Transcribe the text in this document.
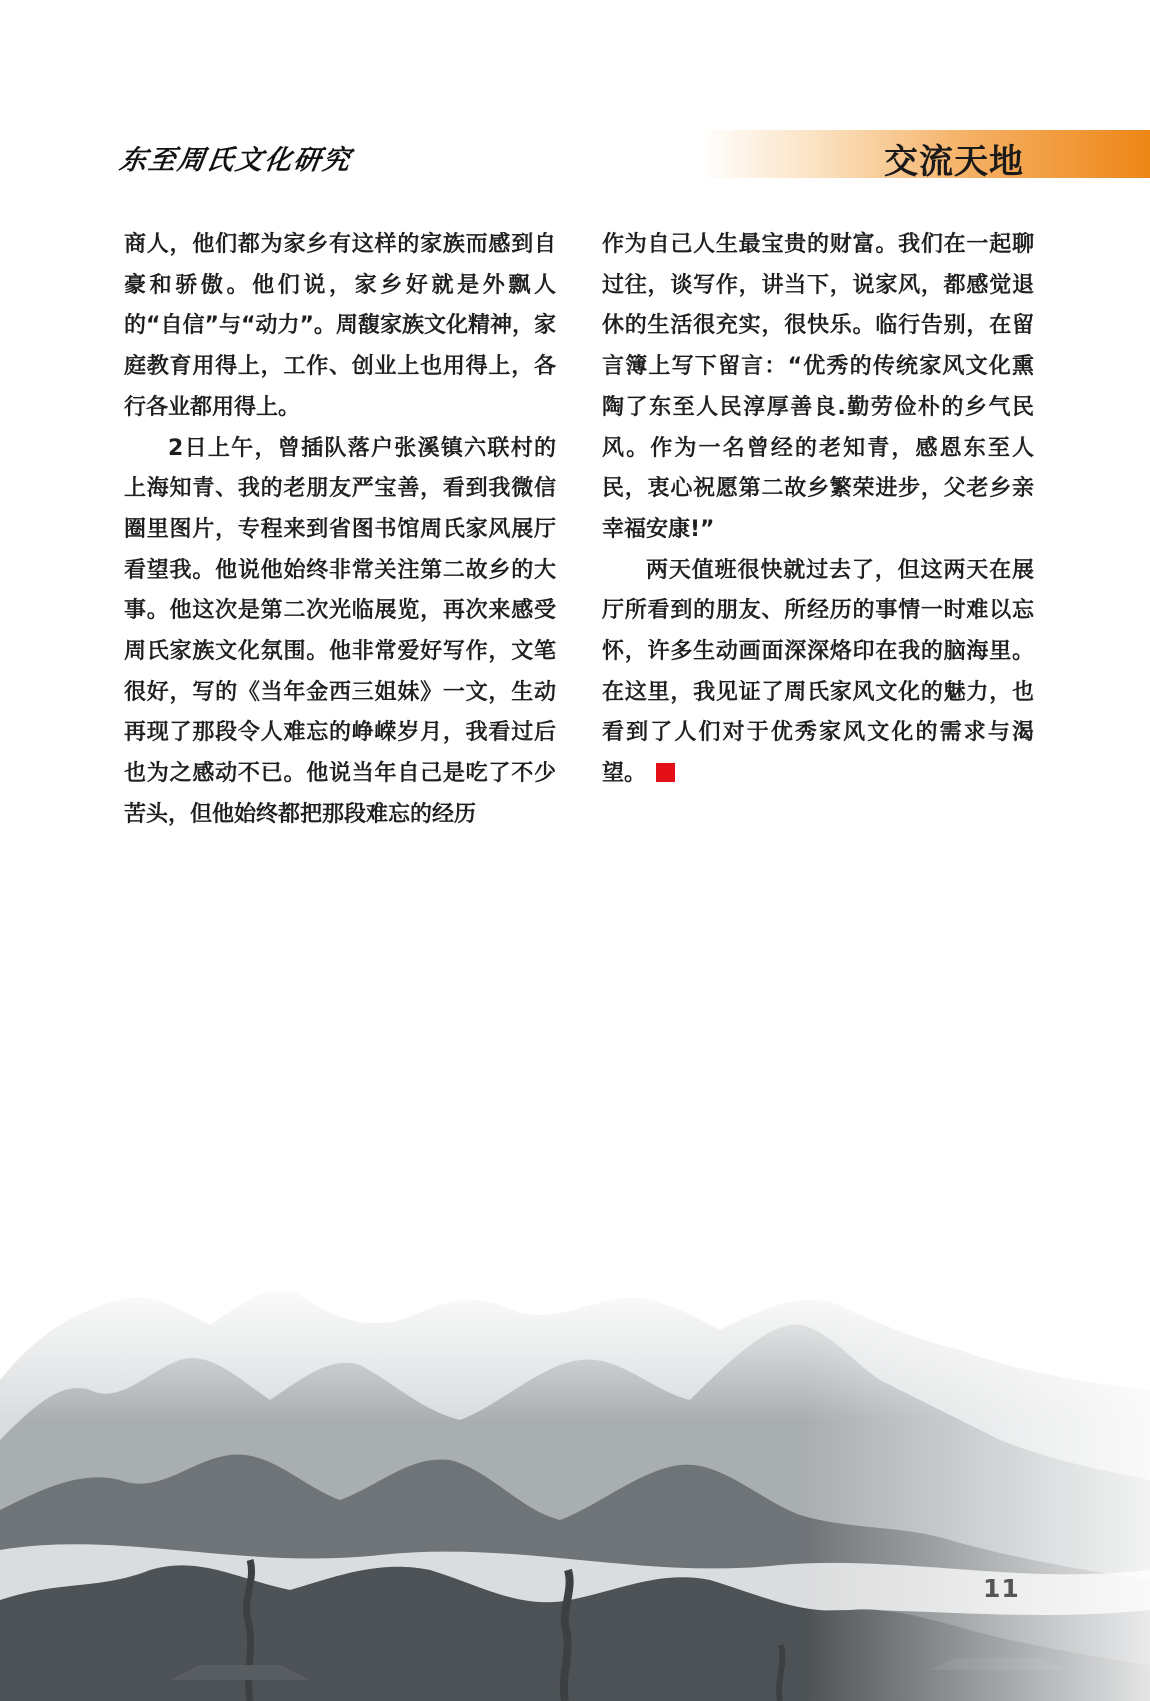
东至周氏文化研究	交流天地

商人，他们都为家乡有这样的家族而感到自豪和骄傲。他们说，家乡好就是外飘人的“自信”与“动力”。周馥家族文化精神，家庭教育用得上，工作、创业上也用得上，各行各业都用得上。

2日上午，曾插队落户张溪镇六联村的上海知青、我的老朋友严宝善，看到我微信圈里图片，专程来到省图书馆周氏家风展厅看望我。他说他始终非常关注第二故乡的大事。他这次是第二次光临展览，再次来感受周氏家族文化氛围。他非常爱好写作，文笔很好，写的《当年金西三姐妹》一文，生动再现了那段令人难忘的峥嵘岁月，我看过后也为之感动不已。他说当年自己是吃了不少苦头，但他始终都把那段难忘的经历

作为自己人生最宝贵的财富。我们在一起聊过往，谈写作，讲当下，说家风，都感觉退休的生活很充实，很快乐。临行告别，在留言簿上写下留言：“优秀的传统家风文化熏陶了东至人民淳厚善良.勤劳俭朴的乡气民风。作为一名曾经的老知青，感恩东至人民，衷心祝愿第二故乡繁荣进步，父老乡亲幸福安康!”

两天值班很快就过去了，但这两天在展厅所看到的朋友、所经历的事情一时难以忘怀，许多生动画面深深烙印在我的脑海里。在这里，我见证了周氏家风文化的魅力，也看到了人们对于优秀家风文化的需求与渴望。

11
